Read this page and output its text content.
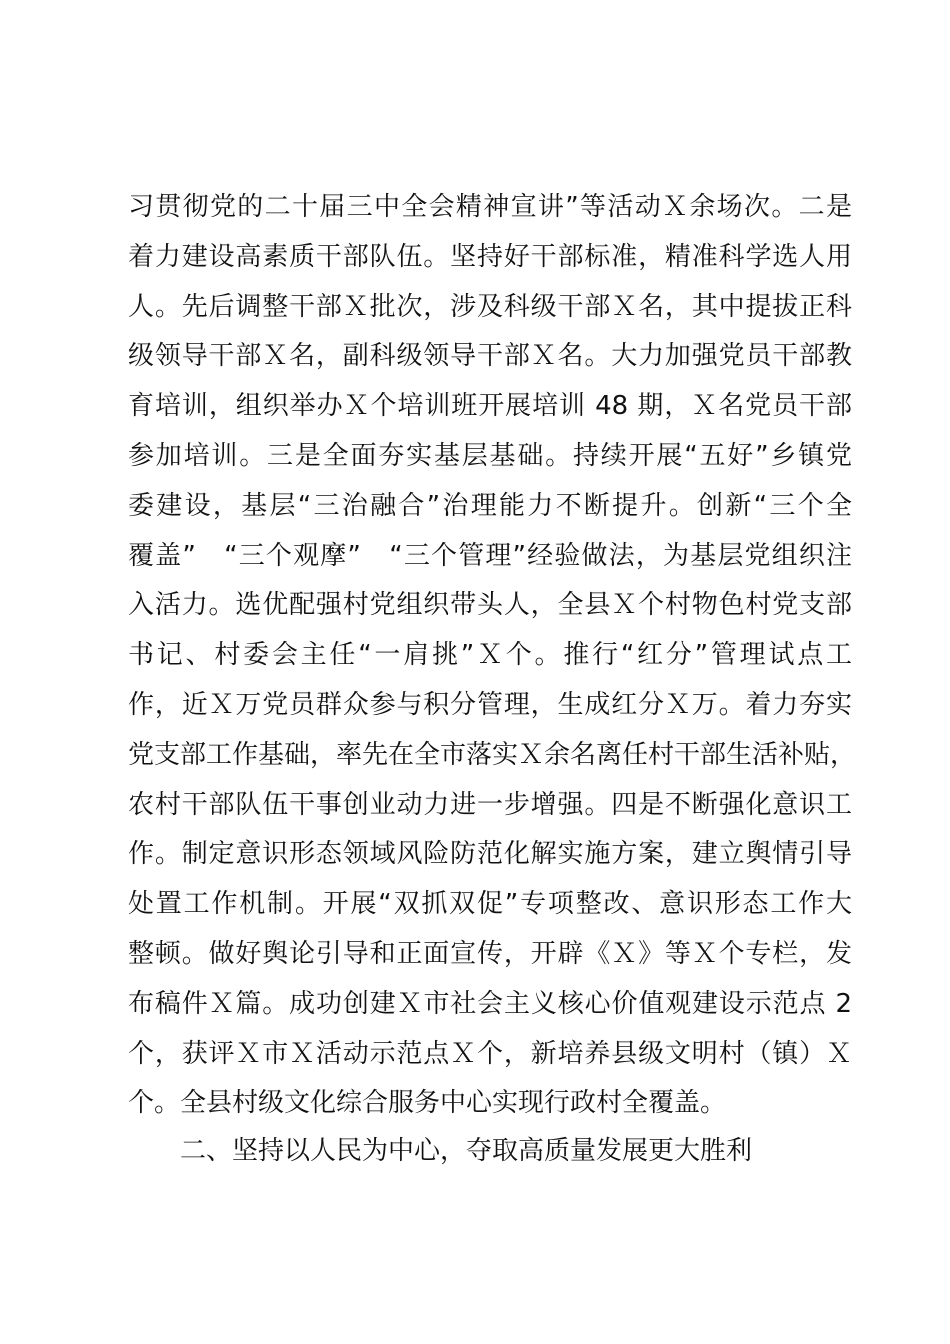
习贯彻党的二十届三中全会精神宣讲”等活动Ｘ余场次。二是
着力建设高素质干部队伍。坚持好干部标准，精准科学选人用
人。先后调整干部Ｘ批次，涉及科级干部Ｘ名，其中提拔正科
级领导干部Ｘ名，副科级领导干部Ｘ名。大力加强党员干部教
育培训，组织举办Ｘ个培训班开展培训 48 期，Ｘ名党员干部
参加培训。三是全面夯实基层基础。持续开展“五好”乡镇党
委建设，基层“三治融合”治理能力不断提升。创新“三个全
覆盖”　“三个观摩”　“三个管理”经验做法，为基层党组织注
入活力。选优配强村党组织带头人，全县Ｘ个村物色村党支部
书记、村委会主任“一肩挑”Ｘ个。推行“红分”管理试点工
作，近Ｘ万党员群众参与积分管理，生成红分Ｘ万。着力夯实
党支部工作基础，率先在全市落实Ｘ余名离任村干部生活补贴，
农村干部队伍干事创业动力进一步增强。四是不断强化意识工
作。制定意识形态领域风险防范化解实施方案，建立舆情引导
处置工作机制。开展“双抓双促”专项整改、意识形态工作大
整顿。做好舆论引导和正面宣传，开辟《Ｘ》等Ｘ个专栏，发
布稿件Ｘ篇。成功创建Ｘ市社会主义核心价值观建设示范点 2
个，获评Ｘ市Ｘ活动示范点Ｘ个，新培养县级文明村（镇）Ｘ
个。全县村级文化综合服务中心实现行政村全覆盖。
二、坚持以人民为中心，夺取高质量发展更大胜利
